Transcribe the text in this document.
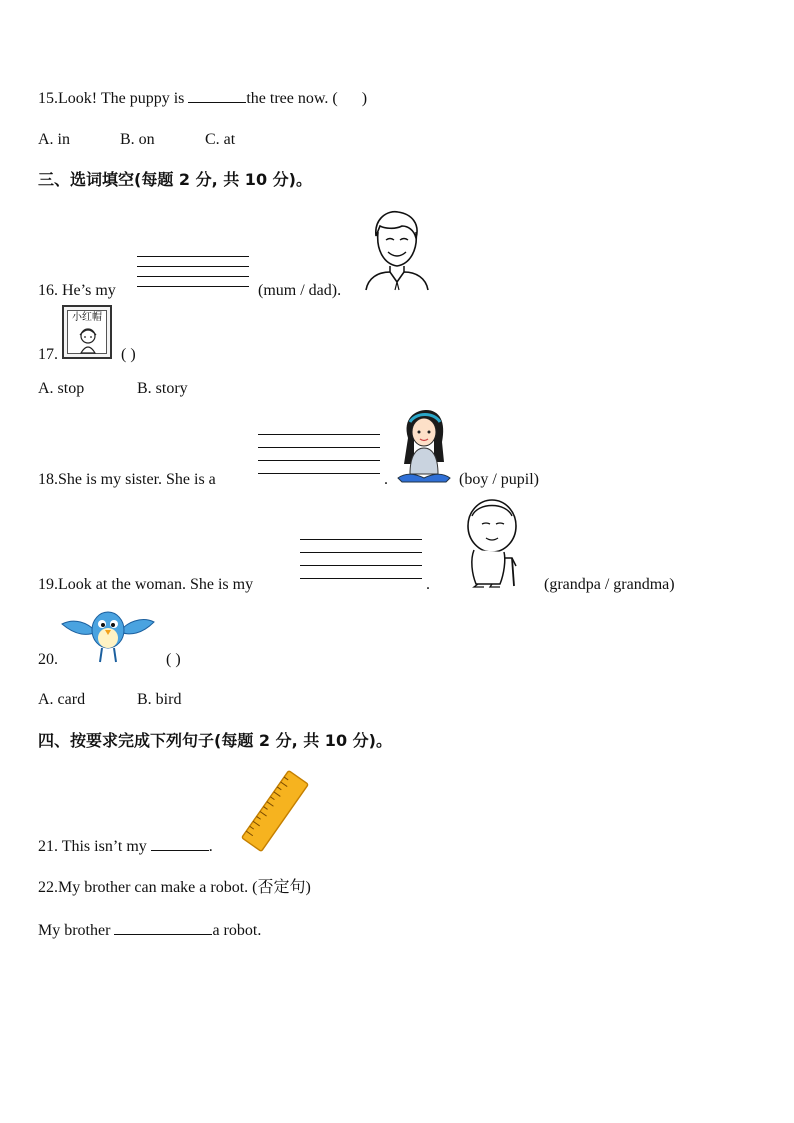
15.Look! The puppy is	the tree now. ( )
A. in	B. on	C. at
三、选词填空(每题 2 分, 共 10 分)。
16. He’s my	(mum / dad).
17.
小红帽
( )
A. stop	B. story
18.She is my sister. She is a	.	(boy / pupil)
19.Look at the woman. She is my	.	(grandpa / grandma)
20.	( )
A. card	B. bird
四、按要求完成下列句子(每题 2 分, 共 10 分)。
21. This isn’t my	.
22.My brother can make a robot. (否定句)
My brother	a robot.
